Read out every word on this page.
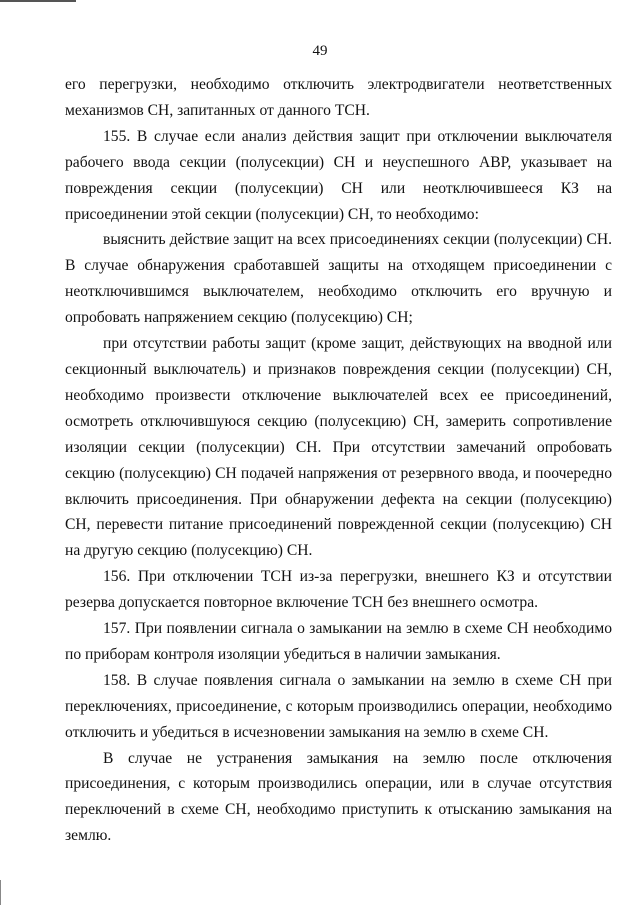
49

его перегрузки, необходимо отключить электродвигатели неответственных механизмов СН, запитанных от данного ТСН.

155. В случае если анализ действия защит при отключении выключателя рабочего ввода секции (полусекции) СН и неуспешного АВР, указывает на повреждения секции (полусекции) СН или неотключившееся КЗ на присоединении этой секции (полусекции) СН, то необходимо:

выяснить действие защит на всех присоединениях секции (полусекции) СН. В случае обнаружения сработавшей защиты на отходящем присоединении с неотключившимся выключателем, необходимо отключить его вручную и опробовать напряжением секцию (полусекцию) СН;

при отсутствии работы защит (кроме защит, действующих на вводной или секционный выключатель) и признаков повреждения секции (полусекции) СН, необходимо произвести отключение выключателей всех ее присоединений, осмотреть отключившуюся секцию (полусекцию) СН, замерить сопротивление изоляции секции (полусекции) СН. При отсутствии замечаний опробовать секцию (полусекцию) СН подачей напряжения от резервного ввода, и поочередно включить присоединения. При обнаружении дефекта на секции (полусекцию) СН, перевести питание присоединений поврежденной секции (полусекцию) СН на другую секцию (полусекцию) СН.

156. При отключении ТСН из-за перегрузки, внешнего КЗ и отсутствии резерва допускается повторное включение ТСН без внешнего осмотра.

157. При появлении сигнала о замыкании на землю в схеме СН необходимо по приборам контроля изоляции убедиться в наличии замыкания.

158. В случае появления сигнала о замыкании на землю в схеме СН при переключениях, присоединение, с которым производились операции, необходимо отключить и убедиться в исчезновении замыкания на землю в схеме СН.

В случае не устранения замыкания на землю после отключения присоединения, с которым производились операции, или в случае отсутствия переключений в схеме СН, необходимо приступить к отысканию замыкания на землю.
